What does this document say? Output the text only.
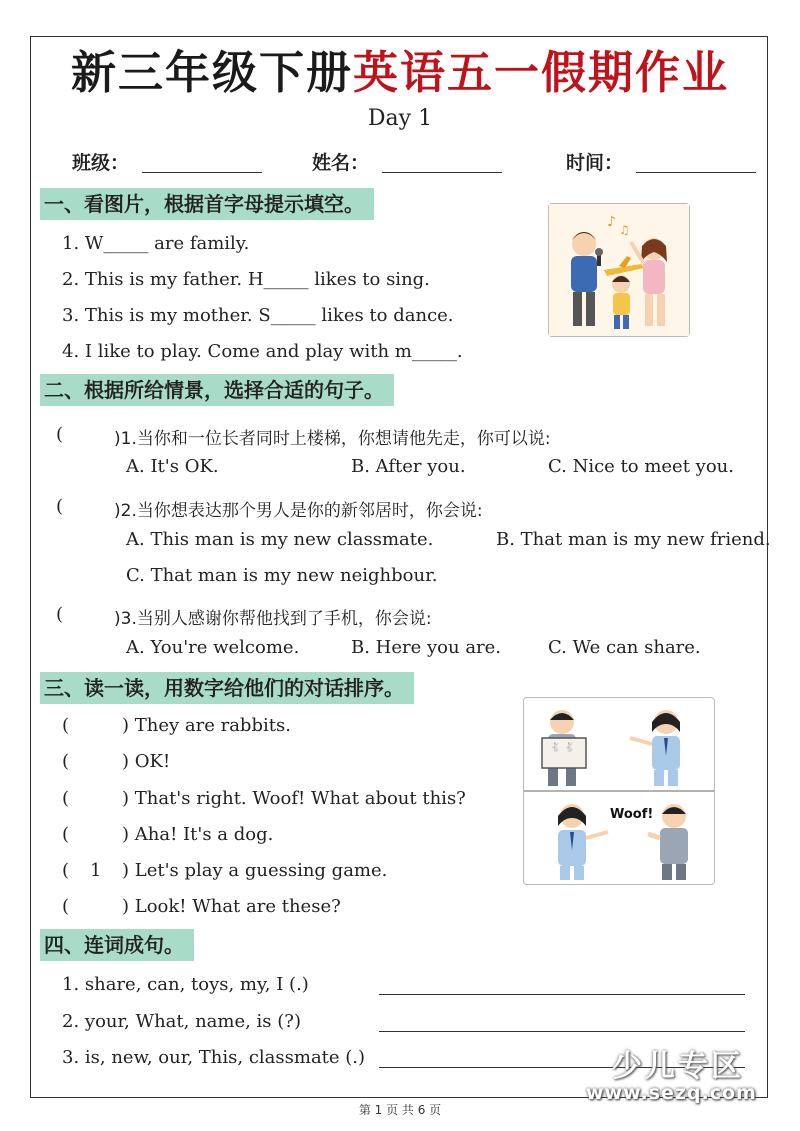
新三年级下册英语五一假期作业
Day 1
班级：	姓名：	时间：
一、看图片，根据首字母提示填空。
1. W_____ are family.
2. This is my father. H_____ likes to sing.
3. This is my mother. S_____ likes to dance.
4. I like to play. Come and play with m_____.
♪ ♫
二、根据所给情景，选择合适的句子。
(	)1.当你和一位长者同时上楼梯，你想请他先走，你可以说:
A. It's OK.	B. After you.	C. Nice to meet you.
(	)2.当你想表达那个男人是你的新邻居时，你会说:
A. This man is my new classmate.	B. That man is my new friend.
C. That man is my new neighbour.
(	)3.当别人感谢你帮他找到了手机，你会说:
A. You're welcome.	B. Here you are.	C. We can share.
三、读一读，用数字给他们的对话排序。
(	) They are rabbits.
(	) OK!
(	) That's right. Woof! What about this?
(	) Aha! It's a dog.
( 1 ) Let's play a guessing game.
(	) Look! What are these?
🐇 🐇
Woof!
四、连词成句。
1. share, can, toys, my, I (.)
2. your, What, name, is (?)
3. is, new, our, This, classmate (.)	少儿专区
www.sezq.com
第 1 页 共 6 页
